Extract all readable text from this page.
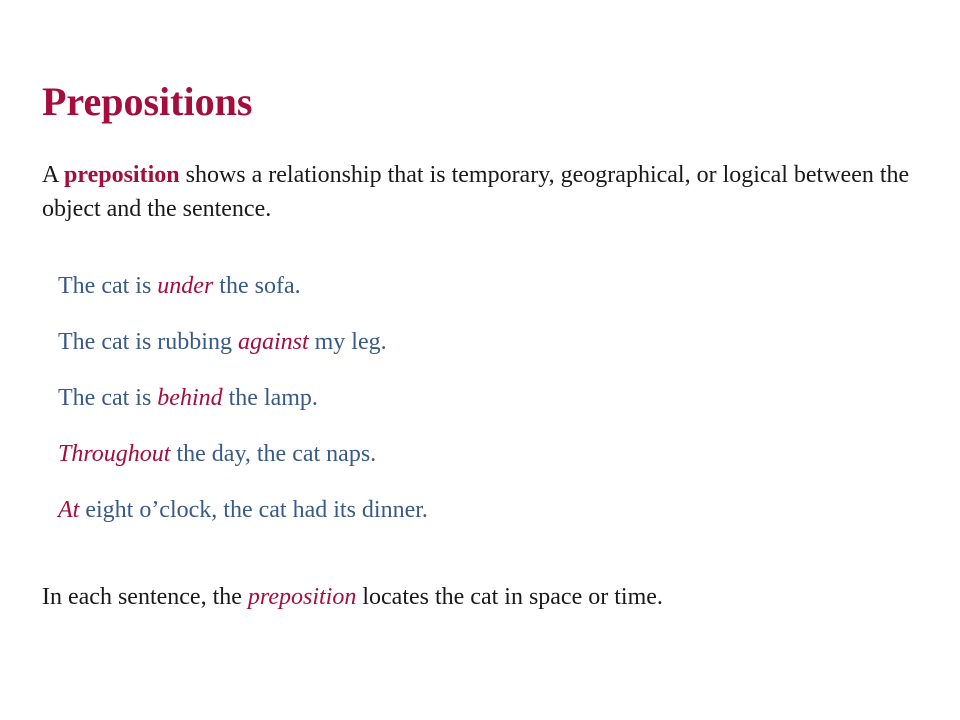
Prepositions
A preposition shows a relationship that is temporary, geographical, or logical between the object and the sentence.
The cat is under the sofa.
The cat is rubbing against my leg.
The cat is behind the lamp.
Throughout the day, the cat naps.
At eight o’clock, the cat had its dinner.
In each sentence, the preposition locates the cat in space or time.
